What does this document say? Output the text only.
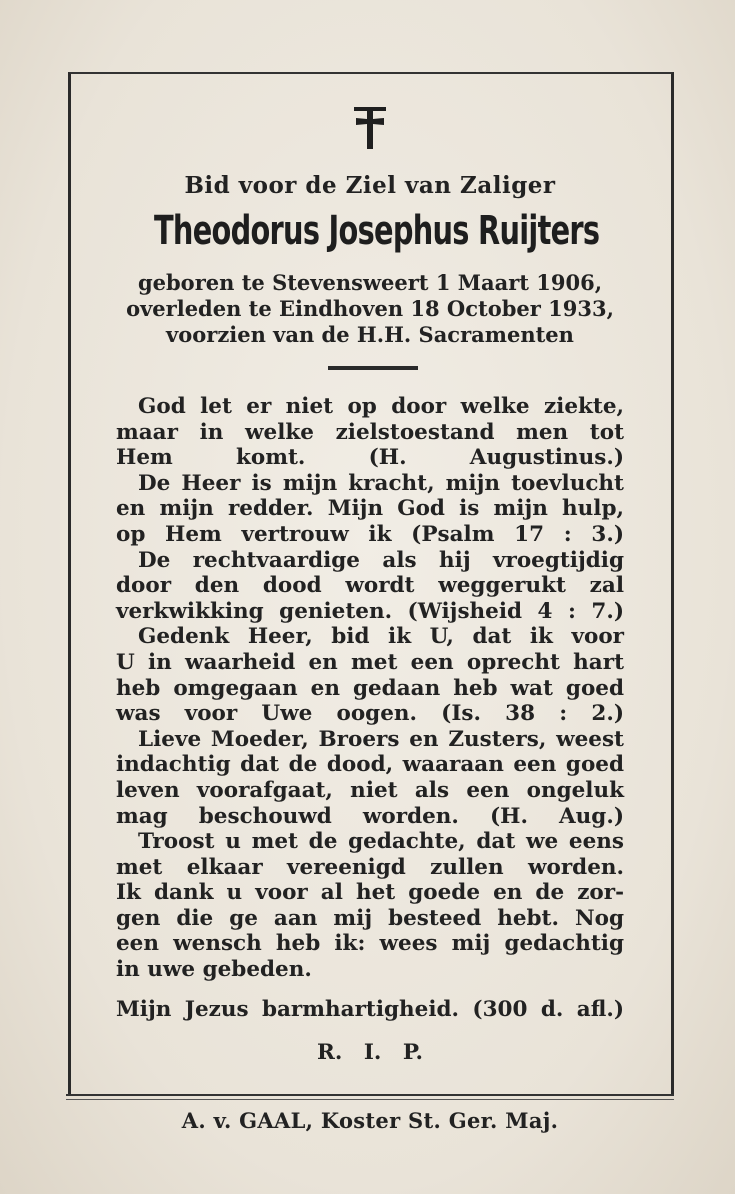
Bid voor de Ziel van Zaliger
Theodorus Josephus Ruijters
geboren te Stevensweert 1 Maart 1906,
overleden te Eindhoven 18 October 1933,
voorzien van de H.H. Sacramenten
God let er niet op door welke ziekte,
maar in welke zielstoestand men tot
Hem komt. (H. Augustinus.)
De Heer is mijn kracht, mijn toevlucht
en mijn redder. Mijn God is mijn hulp,
op Hem vertrouw ik (Psalm 17 : 3.)
De rechtvaardige als hij vroegtijdig
door den dood wordt weggerukt zal
verkwikking genieten. (Wijsheid 4 : 7.)
Gedenk Heer, bid ik U, dat ik voor
U in waarheid en met een oprecht hart
heb omgegaan en gedaan heb wat goed
was voor Uwe oogen. (Is. 38 : 2.)
Lieve Moeder, Broers en Zusters, weest
indachtig dat de dood, waaraan een goed
leven voorafgaat, niet als een ongeluk
mag beschouwd worden. (H. Aug.)
Troost u met de gedachte, dat we eens
met elkaar vereenigd zullen worden.
Ik dank u voor al het goede en de zor-
gen die ge aan mij besteed hebt. Nog
een wensch heb ik: wees mij gedachtig
in uwe gebeden.
Mijn Jezus barmhartigheid. (300 d. afl.)
R. I. P.
A. v. GAAL, Koster St. Ger. Maj.
